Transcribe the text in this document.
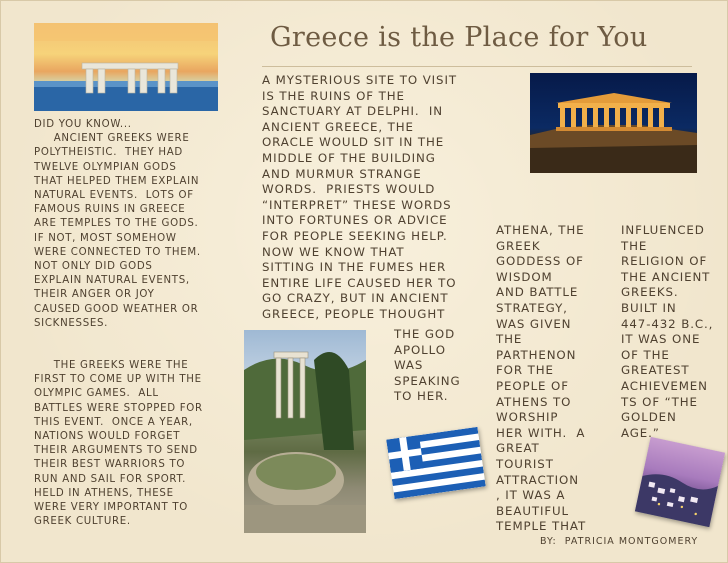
Greece is the Place for You

DID YOU KNOW...

ANCIENT GREEKS WERE

POLYTHEISTIC.  THEY HAD

TWELVE OLYMPIAN GODS

THAT HELPED THEM EXPLAIN

NATURAL EVENTS.  LOTS OF

FAMOUS RUINS IN GREECE

ARE TEMPLES TO THE GODS.

IF NOT, MOST SOMEHOW

WERE CONNECTED TO THEM.

NOT ONLY DID GODS

EXPLAIN NATURAL EVENTS,

THEIR ANGER OR JOY

CAUSED GOOD WEATHER OR

SICKNESSES.

THE GREEKS WERE THE

FIRST TO COME UP WITH THE

OLYMPIC GAMES.  ALL

BATTLES WERE STOPPED FOR

THIS EVENT.  ONCE A YEAR,

NATIONS WOULD FORGET

THEIR ARGUMENTS TO SEND

THEIR BEST WARRIORS TO

RUN AND SAIL FOR SPORT.

HELD IN ATHENS, THESE

WERE VERY IMPORTANT TO

GREEK CULTURE.

A MYSTERIOUS SITE TO VISIT

IS THE RUINS OF THE

SANCTUARY AT DELPHI.  IN

ANCIENT GREECE, THE

ORACLE WOULD SIT IN THE

MIDDLE OF THE BUILDING

AND MURMUR STRANGE

WORDS.  PRIESTS WOULD

“INTERPRET” THESE WORDS

INTO FORTUNES OR ADVICE

FOR PEOPLE SEEKING HELP.

NOW WE KNOW THAT

SITTING IN THE FUMES HER

ENTIRE LIFE CAUSED HER TO

GO CRAZY, BUT IN ANCIENT

GREECE, PEOPLE THOUGHT

THE GOD

APOLLO

WAS

SPEAKING

TO HER.

ATHENA, THE

GREEK

GODDESS OF

WISDOM

AND BATTLE

STRATEGY,

WAS GIVEN

THE

PARTHENON

FOR THE

PEOPLE OF

ATHENS TO

WORSHIP

HER WITH.  A

GREAT

TOURIST

ATTRACTION

, IT WAS A

BEAUTIFUL

TEMPLE THAT

INFLUENCED

THE

RELIGION OF

THE ANCIENT

GREEKS.

BUILT IN

447-432 B.C.,

IT WAS ONE

OF THE

GREATEST

ACHIEVEMEN

TS OF “THE

GOLDEN

AGE.”

BY:  PATRICIA MONTGOMERY
